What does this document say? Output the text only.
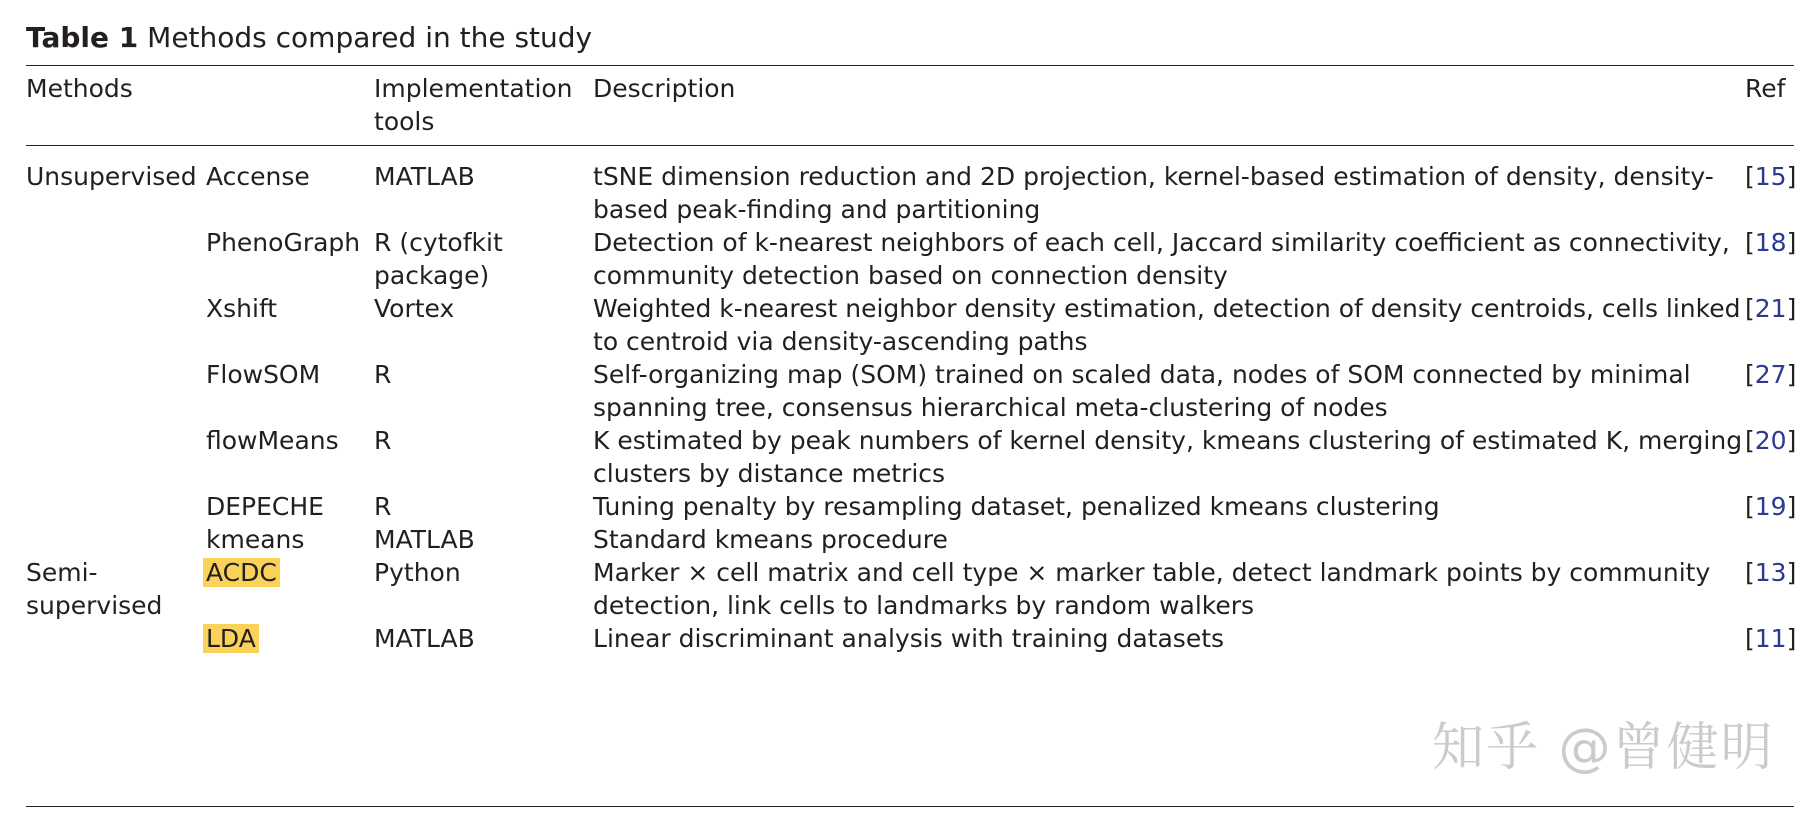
Table 1 Methods compared in the study
Methods		Implementation tools	Description	Ref
Unsupervised	Accense	MATLAB	tSNE dimension reduction and 2D projection, kernel-based estimation of density, density-based peak-finding and partitioning	[15]
	PhenoGraph	R (cytofkit package)	Detection of k-nearest neighbors of each cell, Jaccard similarity coefficient as connectivity, community detection based on connection density	[18]
	Xshift	Vortex	Weighted k-nearest neighbor density estimation, detection of density centroids, cells linked to centroid via density-ascending paths	[21]
	FlowSOM	R	Self-organizing map (SOM) trained on scaled data, nodes of SOM connected by minimal spanning tree, consensus hierarchical meta-clustering of nodes	[27]
	flowMeans	R	K estimated by peak numbers of kernel density, kmeans clustering of estimated K, merging clusters by distance metrics	[20]
	DEPECHE	R	Tuning penalty by resampling dataset, penalized kmeans clustering	[19]
	kmeans	MATLAB	Standard kmeans procedure	
Semi-supervised	ACDC	Python	Marker × cell matrix and cell type × marker table, detect landmark points by community detection, link cells to landmarks by random walkers	[13]
	LDA	MATLAB	Linear discriminant analysis with training datasets	[11]
知乎 @曾健明
